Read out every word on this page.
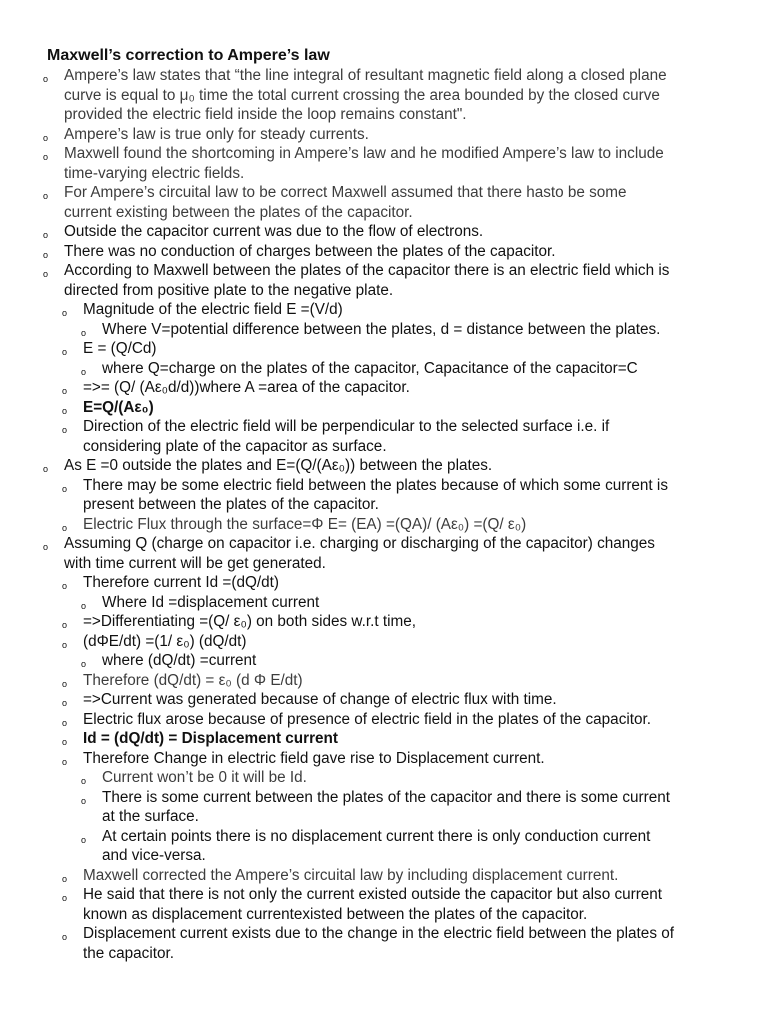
Maxwell’s correction to Ampere’s law
o Ampere’s law states that “the line integral of resultant magnetic field along a closed plane
curve is equal to μ₀ time the total current crossing the area bounded by the closed curve
provided the electric field inside the loop remains constant".
o Ampere’s law is true only for steady currents.
o Maxwell found the shortcoming in Ampere’s law and he modified Ampere’s law to include
time-varying electric fields.
o For Ampere’s circuital law to be correct Maxwell assumed that there hasto be some
current existing between the plates of the capacitor.
o Outside the capacitor current was due to the flow of electrons.
o There was no conduction of charges between the plates of the capacitor.
o According to Maxwell between the plates of the capacitor there is an electric field which is
directed from positive plate to the negative plate.
o Magnitude of the electric field E =(V/d)
o Where V=potential difference between the plates, d = distance between the plates.
o E = (Q/Cd)
o where Q=charge on the plates of the capacitor, Capacitance of the capacitor=C
o =>= (Q/ (Aε₀d/d))where A =area of the capacitor.
o E=Q/(Aε₀)
o Direction of the electric field will be perpendicular to the selected surface i.e. if
considering plate of the capacitor as surface.
o As E =0 outside the plates and E=(Q/(Aε₀)) between the plates.
o There may be some electric field between the plates because of which some current is
present between the plates of the capacitor.
o Electric Flux through the surface=Φ E= (EA) =(QA)/ (Aε₀) =(Q/ ε₀)
o Assuming Q (charge on capacitor i.e. charging or discharging of the capacitor) changes
with time current will be get generated.
o Therefore current Id =(dQ/dt)
o Where Id =displacement current
o =>Differentiating =(Q/ ε₀) on both sides w.r.t time,
o (dΦE/dt) =(1/ ε₀) (dQ/dt)
o where (dQ/dt) =current
o Therefore (dQ/dt) = ε₀ (d Φ E/dt)
o =>Current was generated because of change of electric flux with time.
o Electric flux arose because of presence of electric field in the plates of the capacitor.
o Id = (dQ/dt) = Displacement current
o Therefore Change in electric field gave rise to Displacement current.
o Current won’t be 0 it will be Id.
o There is some current between the plates of the capacitor and there is some current
at the surface.
o At certain points there is no displacement current there is only conduction current
and vice-versa.
o Maxwell corrected the Ampere’s circuital law by including displacement current.
o He said that there is not only the current existed outside the capacitor but also current
known as displacement currentexisted between the plates of the capacitor.
o Displacement current exists due to the change in the electric field between the plates of
the capacitor.
